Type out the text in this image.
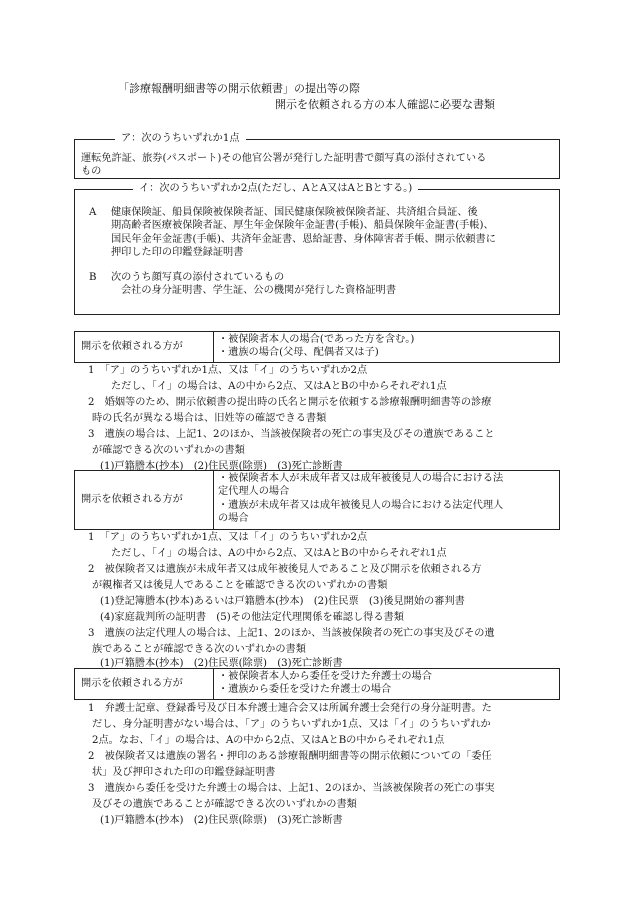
「診療報酬明細書等の開示依頼書」の提出等の際
開示を依頼される方の本人確認に必要な書類
ア：次のうちいずれか1点
運転免許証、旅券(パスポート)その他官公署が発行した証明書で顔写真の添付されている
もの
イ：次のうちいずれか2点(ただし、AとA又はAとBとする。)
A	健康保険証、船員保険被保険者証、国民健康保険被保険者証、共済組合員証、後
期高齢者医療被保険者証、厚生年金保険年金証書(手帳)、船員保険年金証書(手帳)、
国民年金年金証書(手帳)、共済年金証書、恩給証書、身体障害者手帳、開示依頼書に
押印した印の印鑑登録証明書
B	次のうち顔写真の添付されているもの
会社の身分証明書、学生証、公の機関が発行した資格証明書
開示を依頼される方が
・被保険者本人の場合(であった方を含む。)
・遺族の場合(父母、配偶者又は子)
1　「ア」のうちいずれか1点、又は「イ」のうちいずれか2点
ただし、「イ」の場合は、Aの中から2点、又はAとBの中からそれぞれ1点
2　婚姻等のため、開示依頼書の提出時の氏名と開示を依頼する診療報酬明細書等の診療
時の氏名が異なる場合は、旧姓等の確認できる書類
3　遺族の場合は、上記1、2のほか、当該被保険者の死亡の事実及びその遺族であること
が確認できる次のいずれかの書類
(1)戸籍謄本(抄本)　(2)住民票(除票)　(3)死亡診断書
開示を依頼される方が
・被保険者本人が未成年者又は成年被後見人の場合における法
定代理人の場合
・遺族が未成年者又は成年被後見人の場合における法定代理人
の場合
1　「ア」のうちいずれか1点、又は「イ」のうちいずれか2点
ただし、「イ」の場合は、Aの中から2点、又はAとBの中からそれぞれ1点
2　被保険者又は遺族が未成年者又は成年被後見人であること及び開示を依頼される方
が親権者又は後見人であることを確認できる次のいずれかの書類
(1)登記簿謄本(抄本)あるいは戸籍謄本(抄本)　(2)住民票　(3)後見開始の審判書
(4)家庭裁判所の証明書　(5)その他法定代理関係を確認し得る書類
3　遺族の法定代理人の場合は、上記1、2のほか、当該被保険者の死亡の事実及びその遺
族であることが確認できる次のいずれかの書類
(1)戸籍謄本(抄本)　(2)住民票(除票)　(3)死亡診断書
開示を依頼される方が
・被保険者本人から委任を受けた弁護士の場合
・遺族から委任を受けた弁護士の場合
1　弁護士記章、登録番号及び日本弁護士連合会又は所属弁護士会発行の身分証明書。た
だし、身分証明書がない場合は、「ア」のうちいずれか1点、又は「イ」のうちいずれか
2点。なお、「イ」の場合は、Aの中から2点、又はAとBの中からそれぞれ1点
2　被保険者又は遺族の署名・押印のある診療報酬明細書等の開示依頼についての「委任
状」及び押印された印の印鑑登録証明書
3　遺族から委任を受けた弁護士の場合は、上記1、2のほか、当該被保険者の死亡の事実
及びその遺族であることが確認できる次のいずれかの書類
(1)戸籍謄本(抄本)　(2)住民票(除票)　(3)死亡診断書
